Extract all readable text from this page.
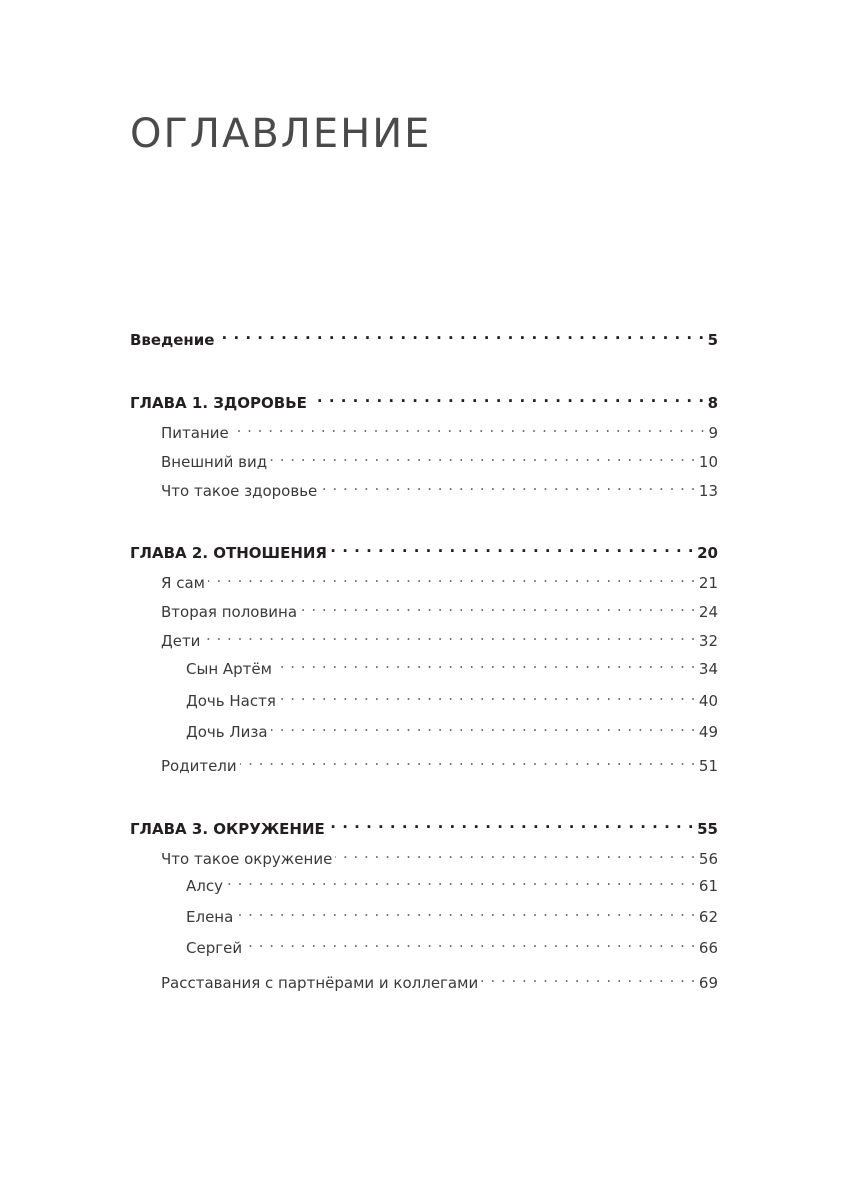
ОГЛАВЛЕНИЕ
Введение . . .	5
ГЛАВА 1. ЗДОРОВЬЕ . . .	8
Питание . . .	9
Внешний вид . . .	10
Что такое здоровье . . .	13
ГЛАВА 2. ОТНОШЕНИЯ . . .	20
Я сам . . .	21
Вторая половина . . .	24
Дети . . .	32
Сын Артём . . .	34
Дочь Настя . . .	40
Дочь Лиза . . .	49
Родители . . .	51
ГЛАВА 3. ОКРУЖЕНИЕ . . .	55
Что такое окружение . . .	56
Алсу . . .	61
Елена . . .	62
Сергей . . .	66
Расставания с партнёрами и коллегами . . .	69
